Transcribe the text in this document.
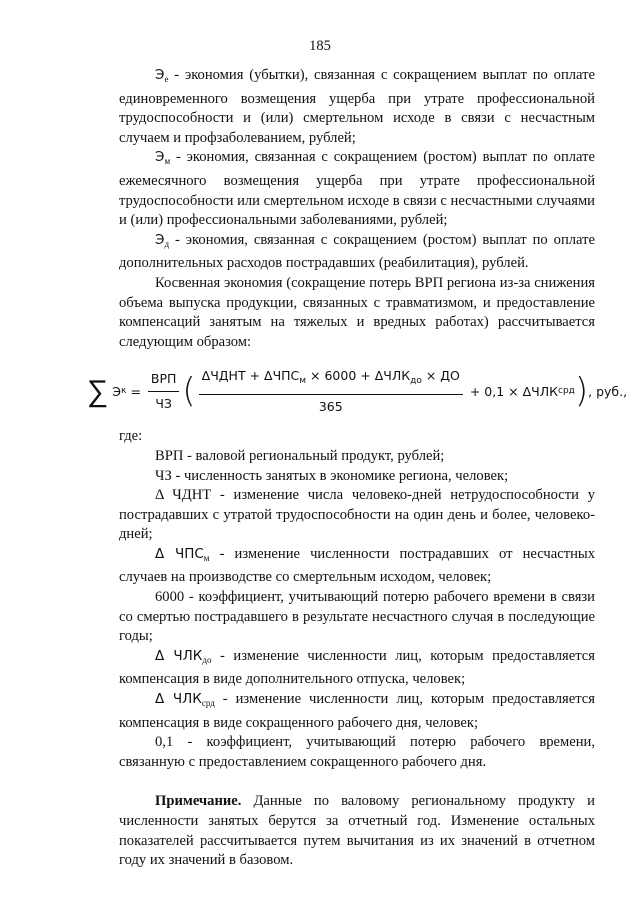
185

$Э_е$ - экономия (убытки), связанная с сокращением выплат по оплате единовременного возмещения ущерба при утрате профессиональной трудоспособности и (или) смертельном исходе в связи с несчастным случаем и профзаболеванием, рублей;

$Э_м$ - экономия, связанная с сокращением (ростом) выплат по оплате ежемесячного возмещения ущерба при утрате профессиональной трудоспособности или смертельном исходе в связи с несчастными случаями и (или) профессиональными заболеваниями, рублей;

$Э_д$ - экономия, связанная с сокращением (ростом) выплат по оплате дополнительных расходов пострадавших (реабилитация), рублей.

Косвенная экономия (сокращение потерь ВРП региона из-за снижения объема выпуска продукции, связанных с травматизмом, и предоставление компенсаций занятым на тяжелых и вредных работах) рассчитывается следующим образом:

∑ Э $к = \frac{\text{ВРП}}{ЧЗ}$ ( $\frac{\Delta ЧДНТ + \Delta ЧПС_м \times 6000 + \Delta ЧЛК_{до} \times ДО}{365} + 0,1 \times \Delta ЧЛК$ срд ) , руб.,

где:

ВРП - валовой региональный продукт, рублей;

ЧЗ - численность занятых в экономике региона, человек;

Δ ЧДНТ - изменение числа человеко-дней нетрудоспособности у пострадавших с утратой трудоспособности на один день и более, человеко-дней;

Δ $ЧПС_м$ - изменение численности пострадавших от несчастных случаев на производстве со смертельным исходом, человек;

6000 - коэффициент, учитывающий потерю рабочего времени в связи со смертью пострадавшего в результате несчастного случая в последующие годы;

Δ $ЧЛК_{до}$ - изменение численности лиц, которым предоставляется компенсация в виде дополнительного отпуска, человек;

Δ $ЧЛК_{срд}$ - изменение численности лиц, которым предоставляется компенсация в виде сокращенного рабочего дня, человек;

0,1 - коэффициент, учитывающий потерю рабочего времени, связанную с предоставлением сокращенного рабочего дня.

Примечание. Данные по валовому региональному продукту и численности занятых берутся за отчетный год. Изменение остальных показателей рассчитывается путем вычитания из их значений в отчетном году их значений в базовом.
